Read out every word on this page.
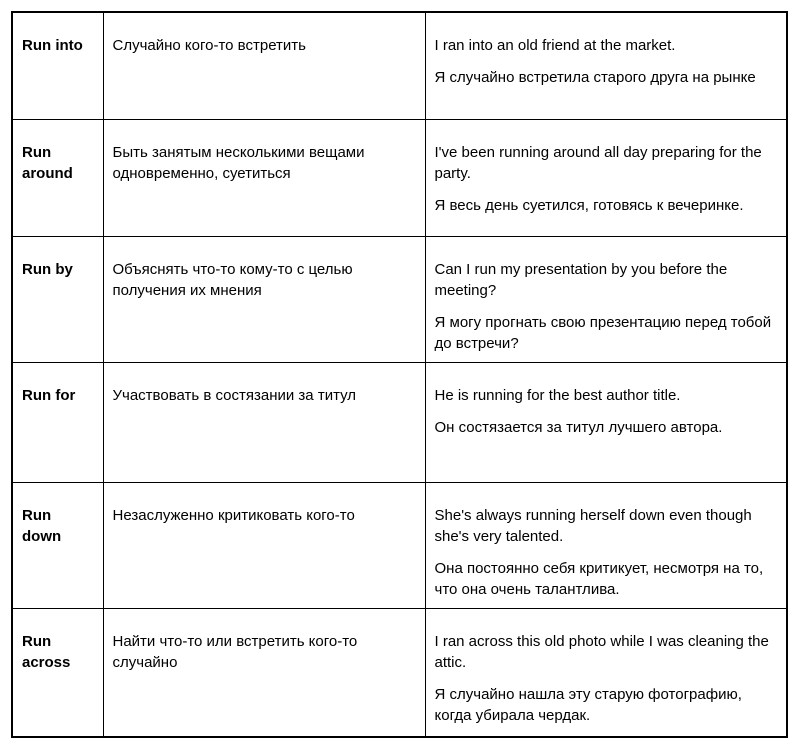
Run into	Случайно кого-то встретить	I ran into an old friend at the market.

Я случайно встретила старого друга на рынке

Run around	Быть занятым несколькими вещами одновременно, суетиться	I've been running around all day preparing for the party.

Я весь день суетился, готовясь к вечеринке.

Run by	Объяснять что-то кому-то с целью получения их мнения	Can I run my presentation by you before the meeting?

Я могу прогнать свою презентацию перед тобой до встречи?

Run for	Участвовать в состязании за титул	He is running for the best author title.

Он состязается за титул лучшего автора.

Run down	Незаслуженно критиковать кого-то	She's always running herself down even though she's very talented.

Она постоянно себя критикует, несмотря на то, что она очень талантлива.

Run across	Найти что-то или встретить кого-то случайно	I ran across this old photo while I was cleaning the attic.

Я случайно нашла эту старую фотографию, когда убирала чердак.
